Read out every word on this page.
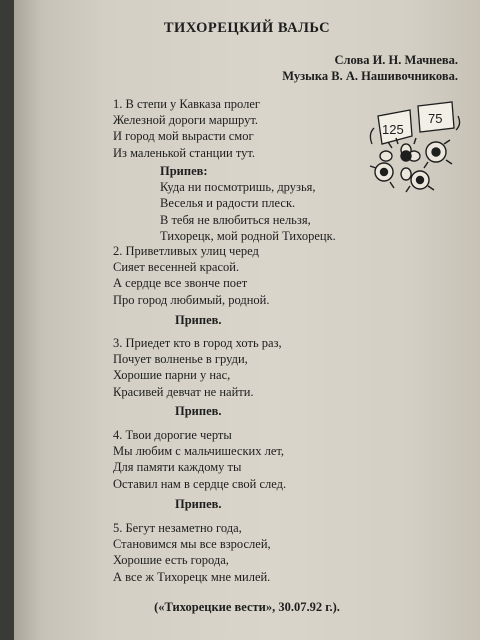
ТИХОРЕЦКИЙ ВАЛЬС
Слова И. Н. Мачнева.
Музыка В. А. Нашивочникова.
125
75
1. В степи у Кавказа пролег
Железной дороги маршрут.
И город мой вырасти смог
Из маленькой станции тут.
Припев:
Куда ни посмотришь, друзья,
Веселья и радости плеск.
В тебя не влюбиться нельзя,
Тихорецк, мой родной Тихорецк.
2. Приветливых улиц черед
Сияет весенней красой.
А сердце все звонче поет
Про город любимый, родной.
Припев.
3. Приедет кто в город хоть раз,
Почует волненье в груди,
Хорошие парни у нас,
Красивей девчат не найти.
Припев.
4. Твои дорогие черты
Мы любим с мальчишеских лет,
Для памяти каждому ты
Оставил нам в сердце свой след.
Припев.
5. Бегут незаметно года,
Становимся мы все взрослей,
Хорошие есть города,
А все ж Тихорецк мне милей.
(«Тихорецкие вести», 30.07.92 г.).
